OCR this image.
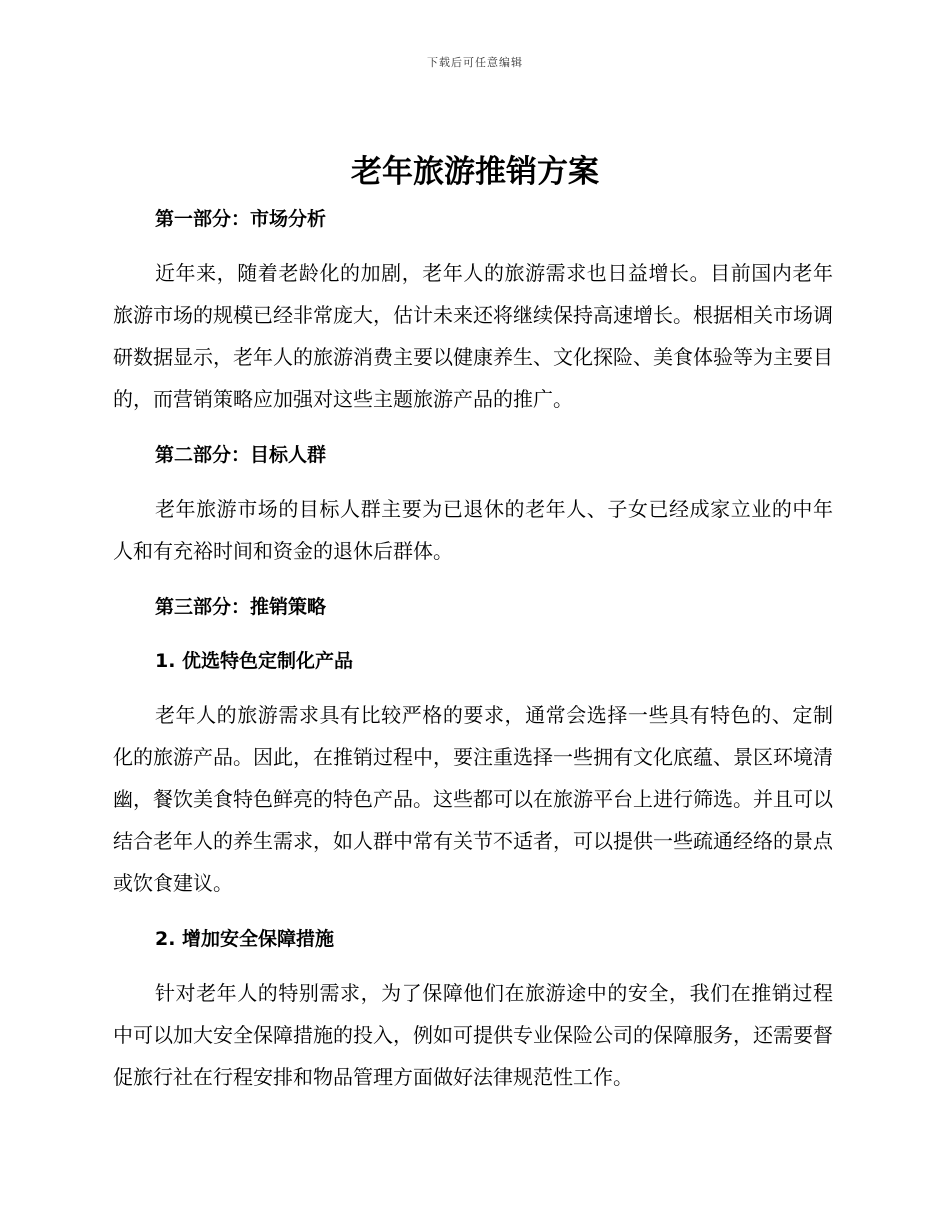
下载后可任意编辑
老年旅游推销方案
第一部分：市场分析

近年来，随着老龄化的加剧，老年人的旅游需求也日益增长。目前国内老年旅游市场的规模已经非常庞大，估计未来还将继续保持高速增长。根据相关市场调研数据显示，老年人的旅游消费主要以健康养生、文化探险、美食体验等为主要目的，而营销策略应加强对这些主题旅游产品的推广。

第二部分：目标人群

老年旅游市场的目标人群主要为已退休的老年人、子女已经成家立业的中年人和有充裕时间和资金的退休后群体。

第三部分：推销策略
1. 优选特色定制化产品

老年人的旅游需求具有比较严格的要求，通常会选择一些具有特色的、定制化的旅游产品。因此，在推销过程中，要注重选择一些拥有文化底蕴、景区环境清幽，餐饮美食特色鲜亮的特色产品。这些都可以在旅游平台上进行筛选。并且可以结合老年人的养生需求，如人群中常有关节不适者，可以提供一些疏通经络的景点或饮食建议。

2. 增加安全保障措施

针对老年人的特别需求，为了保障他们在旅游途中的安全，我们在推销过程中可以加大安全保障措施的投入，例如可提供专业保险公司的保障服务，还需要督促旅行社在行程安排和物品管理方面做好法律规范性工作。
